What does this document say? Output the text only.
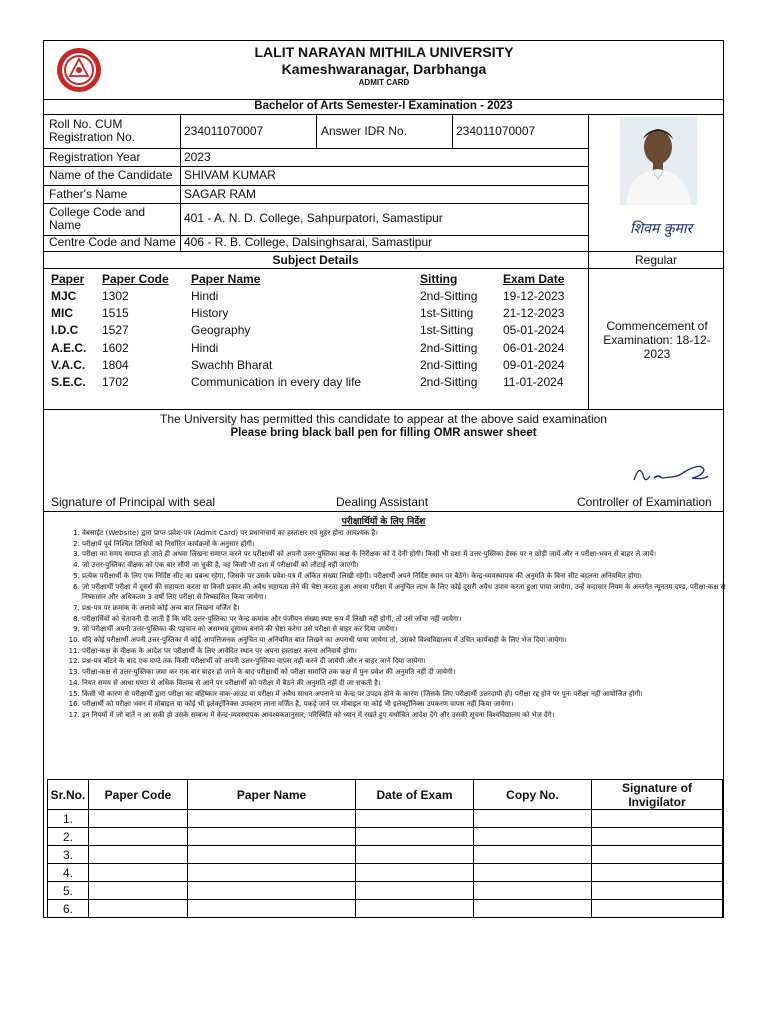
LALIT NARAYAN MITHILA UNIVERSITY
Kameshwaranagar, Darbhanga
ADMIT CARD
Bachelor of Arts Semester-I Examination - 2023
Roll No. CUM Registration No.	234011070007	Answer IDR No.	234011070007
Registration Year	2023
Name of the Candidate SHIVAM KUMAR
Father's Name	SAGAR RAM
College Code and Name	401 - A. N. D. College, Sahpurpatori, Samastipur
Centre Code and Name 406 - R. B. College, Dalsinghsarai, Samastipur
शिवम कुमार
Regular
Subject Details
Paper Paper Code Paper Name	Sitting	Exam Date
MJC 1302	Hindi	2nd-Sitting 19-12-2023
MIC 1515	History	1st-Sitting 21-12-2023
I.D.C 1527	Geography	1st-Sitting 05-01-2024
A.E.C. 1602	Hindi	2nd-Sitting 06-01-2024
V.A.C. 1804	Swachh Bharat	2nd-Sitting 09-01-2024
S.E.C. 1702	Communication in every day life	2nd-Sitting 11-01-2024
Commencement of Examination: 18-12-2023
The University has permitted this candidate to appear at the above said examination
Please bring black ball pen for filling OMR answer sheet
Signature of Principal with seal	Dealing Assistant	Controller of Examination
परीक्षार्थियों के लिए निर्देश
1. वेबसाईट (Website) द्वारा प्राप्त प्रवेश-पत्र (Admit Card) पर प्रधानाचार्य का हस्ताक्षर एवं मुहर होना आवश्यक है।
2. परीक्षायें पूर्व निश्चित तिथियों को निर्धारित कार्यक्रमों के अनुसार होंगी।
3. परीक्षा का समय समाप्त हो जाते ही अथवा लिखना समाप्त करने पर परीक्षार्थी को अपनी उत्तर-पुस्तिका कक्ष के निरीक्षक को दे देनी होगी। किसी भी दशा में उत्तर-पुस्तिका डेस्क पर न छोड़ी जायें और न परीक्षा-भवन से बाहर ले जायें।
4. जो उत्तर-पुस्तिका वीक्षक को एक बार सौंपी जा चुकी है, वह किसी भी दशा में परीक्षार्थी को लौटाई नहीं जाएगी।
5. प्रत्येक परीक्षार्थी के लिए एक निर्दिष्ट सीट का प्रबन्ध रहेगा, जिसके पर उसके प्रवेश-पत्र में अंकित संख्या लिखी रहेगी। परीक्षार्थी अपने निर्दिष्ट स्थान पर बैठेंगे। केन्द्र-व्यवस्थापक की अनुमति के बिना सीट बदलना अनियमित होगा।
6. जो परीक्षार्थी परीक्षा में दूसरों की सहायता करता या किसी प्रकार की अवैध सहायता लेने की चेष्टा करता हुआ अथवा परीक्षा में अनुचित लाभ के लिए कोई दूसरी अवैध उपाय करता हुआ पाया जायेगा, उन्हें कदाचार नियम के अन्तर्गत न्यूनतम दण्ड, परीक्षा-कक्ष से निष्कासन और अधिकतम 3 वर्षों लिए परीक्षा से निष्कासित किया जायेगा।
7. प्रश्न-पत्र पर क्रमांक के अलावे कोई अन्य बात लिखना वर्जित है।
8. परीक्षार्थियों को चेतावनी दी जाती है कि यदि उत्तर-पुस्तिका पर केन्द्र क्रमांक और पंजीयन संख्या स्पष्ट रूप में लिखी नहीं होगी, तो उसे जाँचा नहीं जायेगा।
9. जो परीक्षार्थी अपनी उत्तर-पुस्तिका की पहचान को असम्भव दूसाध्य बनाने की चेष्टा करेगा उसे परीक्षा से बाहर कर दिया जायेगा।
10. यदि कोई परीक्षार्थी अपनी उत्तर-पुस्तिका में कोई आपत्तिजनक अनुचित या अनियमित बात लिखने का अपराधी पाया जायेगा तो, उसको विश्वविद्यालय में उचित कार्यवाही के लिए भेज दिया जायेगा।
11. परीक्षा-कक्ष के वीक्षक के आदेश पर परीक्षार्थी के लिए आवेदित स्थान पर अपना हस्ताक्षर करना अनिवार्य होगा।
12. प्रश्न-पत्र बाँटने के बाद एक घण्टे तक किसी परीक्षार्थी को अपनी उत्तर-पुस्तिका वापस नहीं करने दी जायेगी और न बाहर जाने दिया जायेगा।
13. परीक्षा-कक्ष से उत्तर-पुस्तिका जमा कर एक बार बाहर हो जाने के बाद परीक्षार्थी को परीक्षा समाप्ति तक कक्ष में पुनः प्रवेश की अनुमति नहीं दी जायेगी।
14. नियत समय से आधा घण्टा से अधिक विलम्ब से आने पर परीक्षार्थी को परीक्षा में बैठने की अनुमति नहीं दी जा सकती है।
15. किसी भी कारण से परीक्षार्थी द्वारा परीक्षा का बहिष्कार वाक-आउट या परीक्षा में अवैध साधन अपनाने या केन्द्र पर उपद्रव होने के कारण (जिसके लिए परीक्षार्थी उत्तरदायी हो) परीक्षा रद्द होने पर पुनः परीक्षा नहीं आयोजित होगी।
16. परीक्षार्थी को परीक्षा भवन में मोबाइल या कोई भी इलेक्ट्रॉनिक्स उपकरण लाना वर्जित है, पकड़े जाने पर मोबाइल या कोई भी इलेक्ट्रॉनिक्स उपकरण वापस नहीं किया जायेगा।
17. इन नियमों में जो बातें न आ सकी हो उसके सम्बन्ध में केन्द्र-व्यवस्थापक आवश्यकतानुसार, परिस्थिति को ध्यान में रखते हुए यथोचित आदेश देंगे और उसकी सूचना विश्वविद्यालय को भेज देंगे।
Sr.No.	Paper Code	Paper Name	Date of Exam	Copy No.	Signature of Invigilator
1.					
2.					
3.					
4.					
5.					
6.					
